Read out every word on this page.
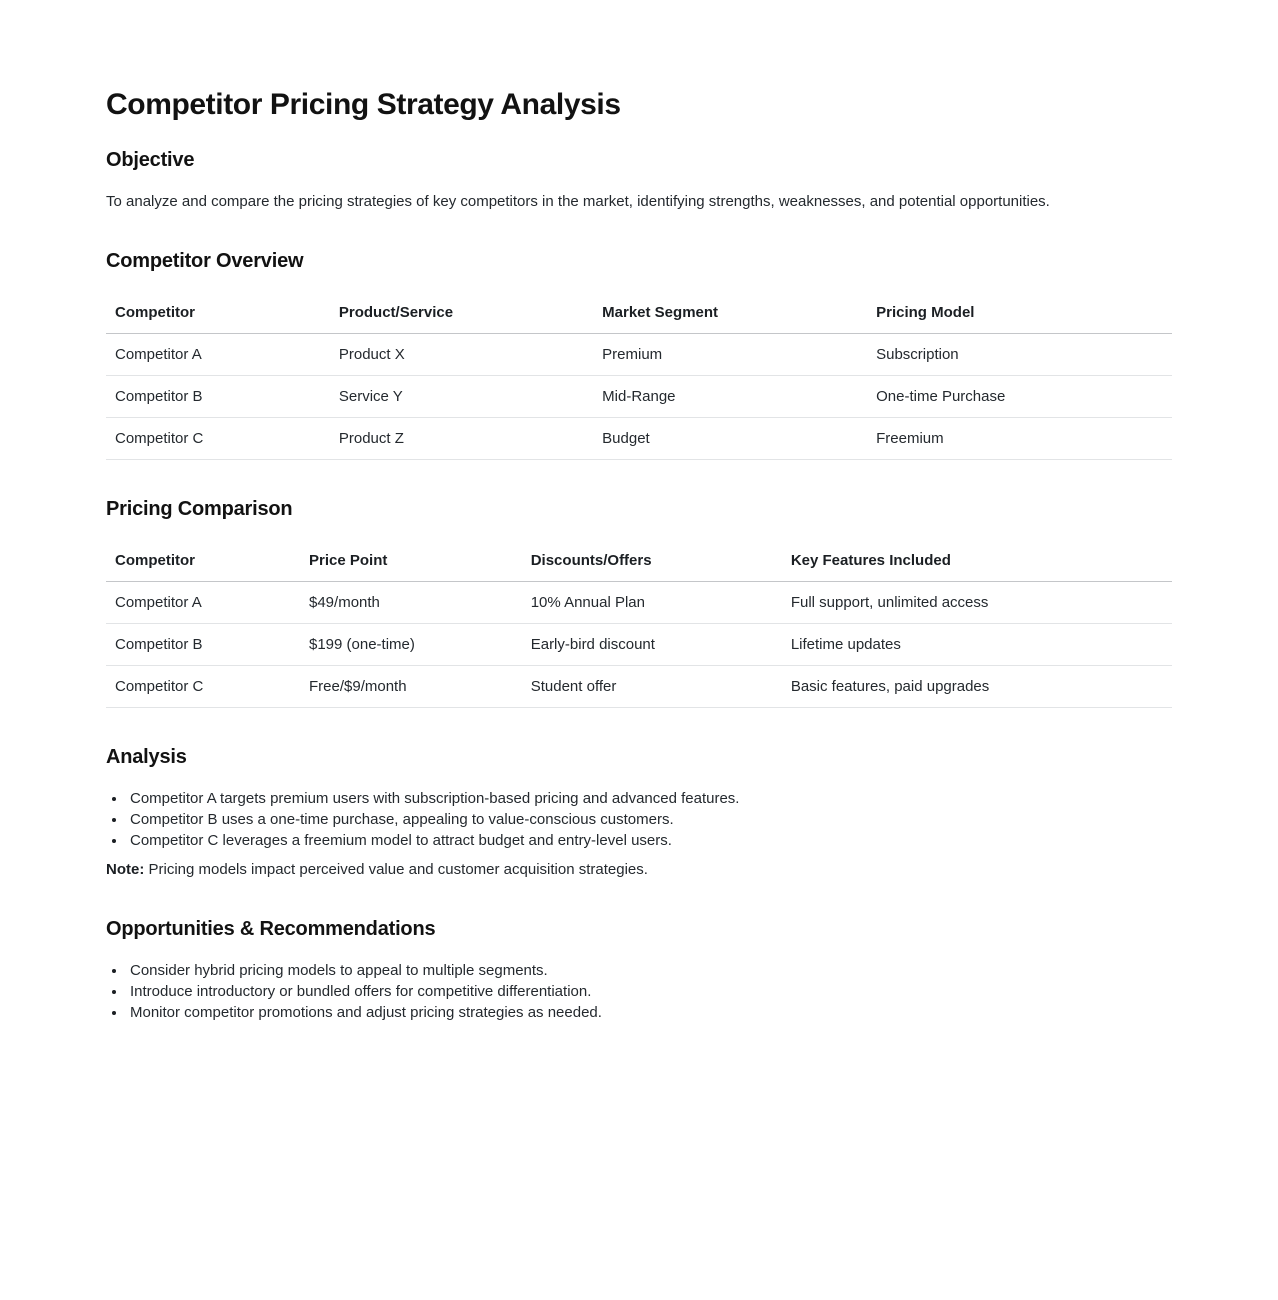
Competitor Pricing Strategy Analysis
Objective

To analyze and compare the pricing strategies of key competitors in the market, identifying strengths, weaknesses, and potential opportunities.

Competitor Overview
Competitor	Product/Service	Market Segment	Pricing Model
Competitor A	Product X	Premium	Subscription
Competitor B	Service Y	Mid-Range	One-time Purchase
Competitor C	Product Z	Budget	Freemium
Pricing Comparison
Competitor	Price Point	Discounts/Offers	Key Features Included
Competitor A	$49/month	10% Annual Plan	Full support, unlimited access
Competitor B	$199 (one-time)	Early-bird discount	Lifetime updates
Competitor C	Free/$9/month	Student offer	Basic features, paid upgrades
Analysis
• Competitor A targets premium users with subscription-based pricing and advanced features.
• Competitor B uses a one-time purchase, appealing to value-conscious customers.
• Competitor C leverages a freemium model to attract budget and entry-level users.

Note: Pricing models impact perceived value and customer acquisition strategies.

Opportunities & Recommendations
• Consider hybrid pricing models to appeal to multiple segments.
• Introduce introductory or bundled offers for competitive differentiation.
• Monitor competitor promotions and adjust pricing strategies as needed.
